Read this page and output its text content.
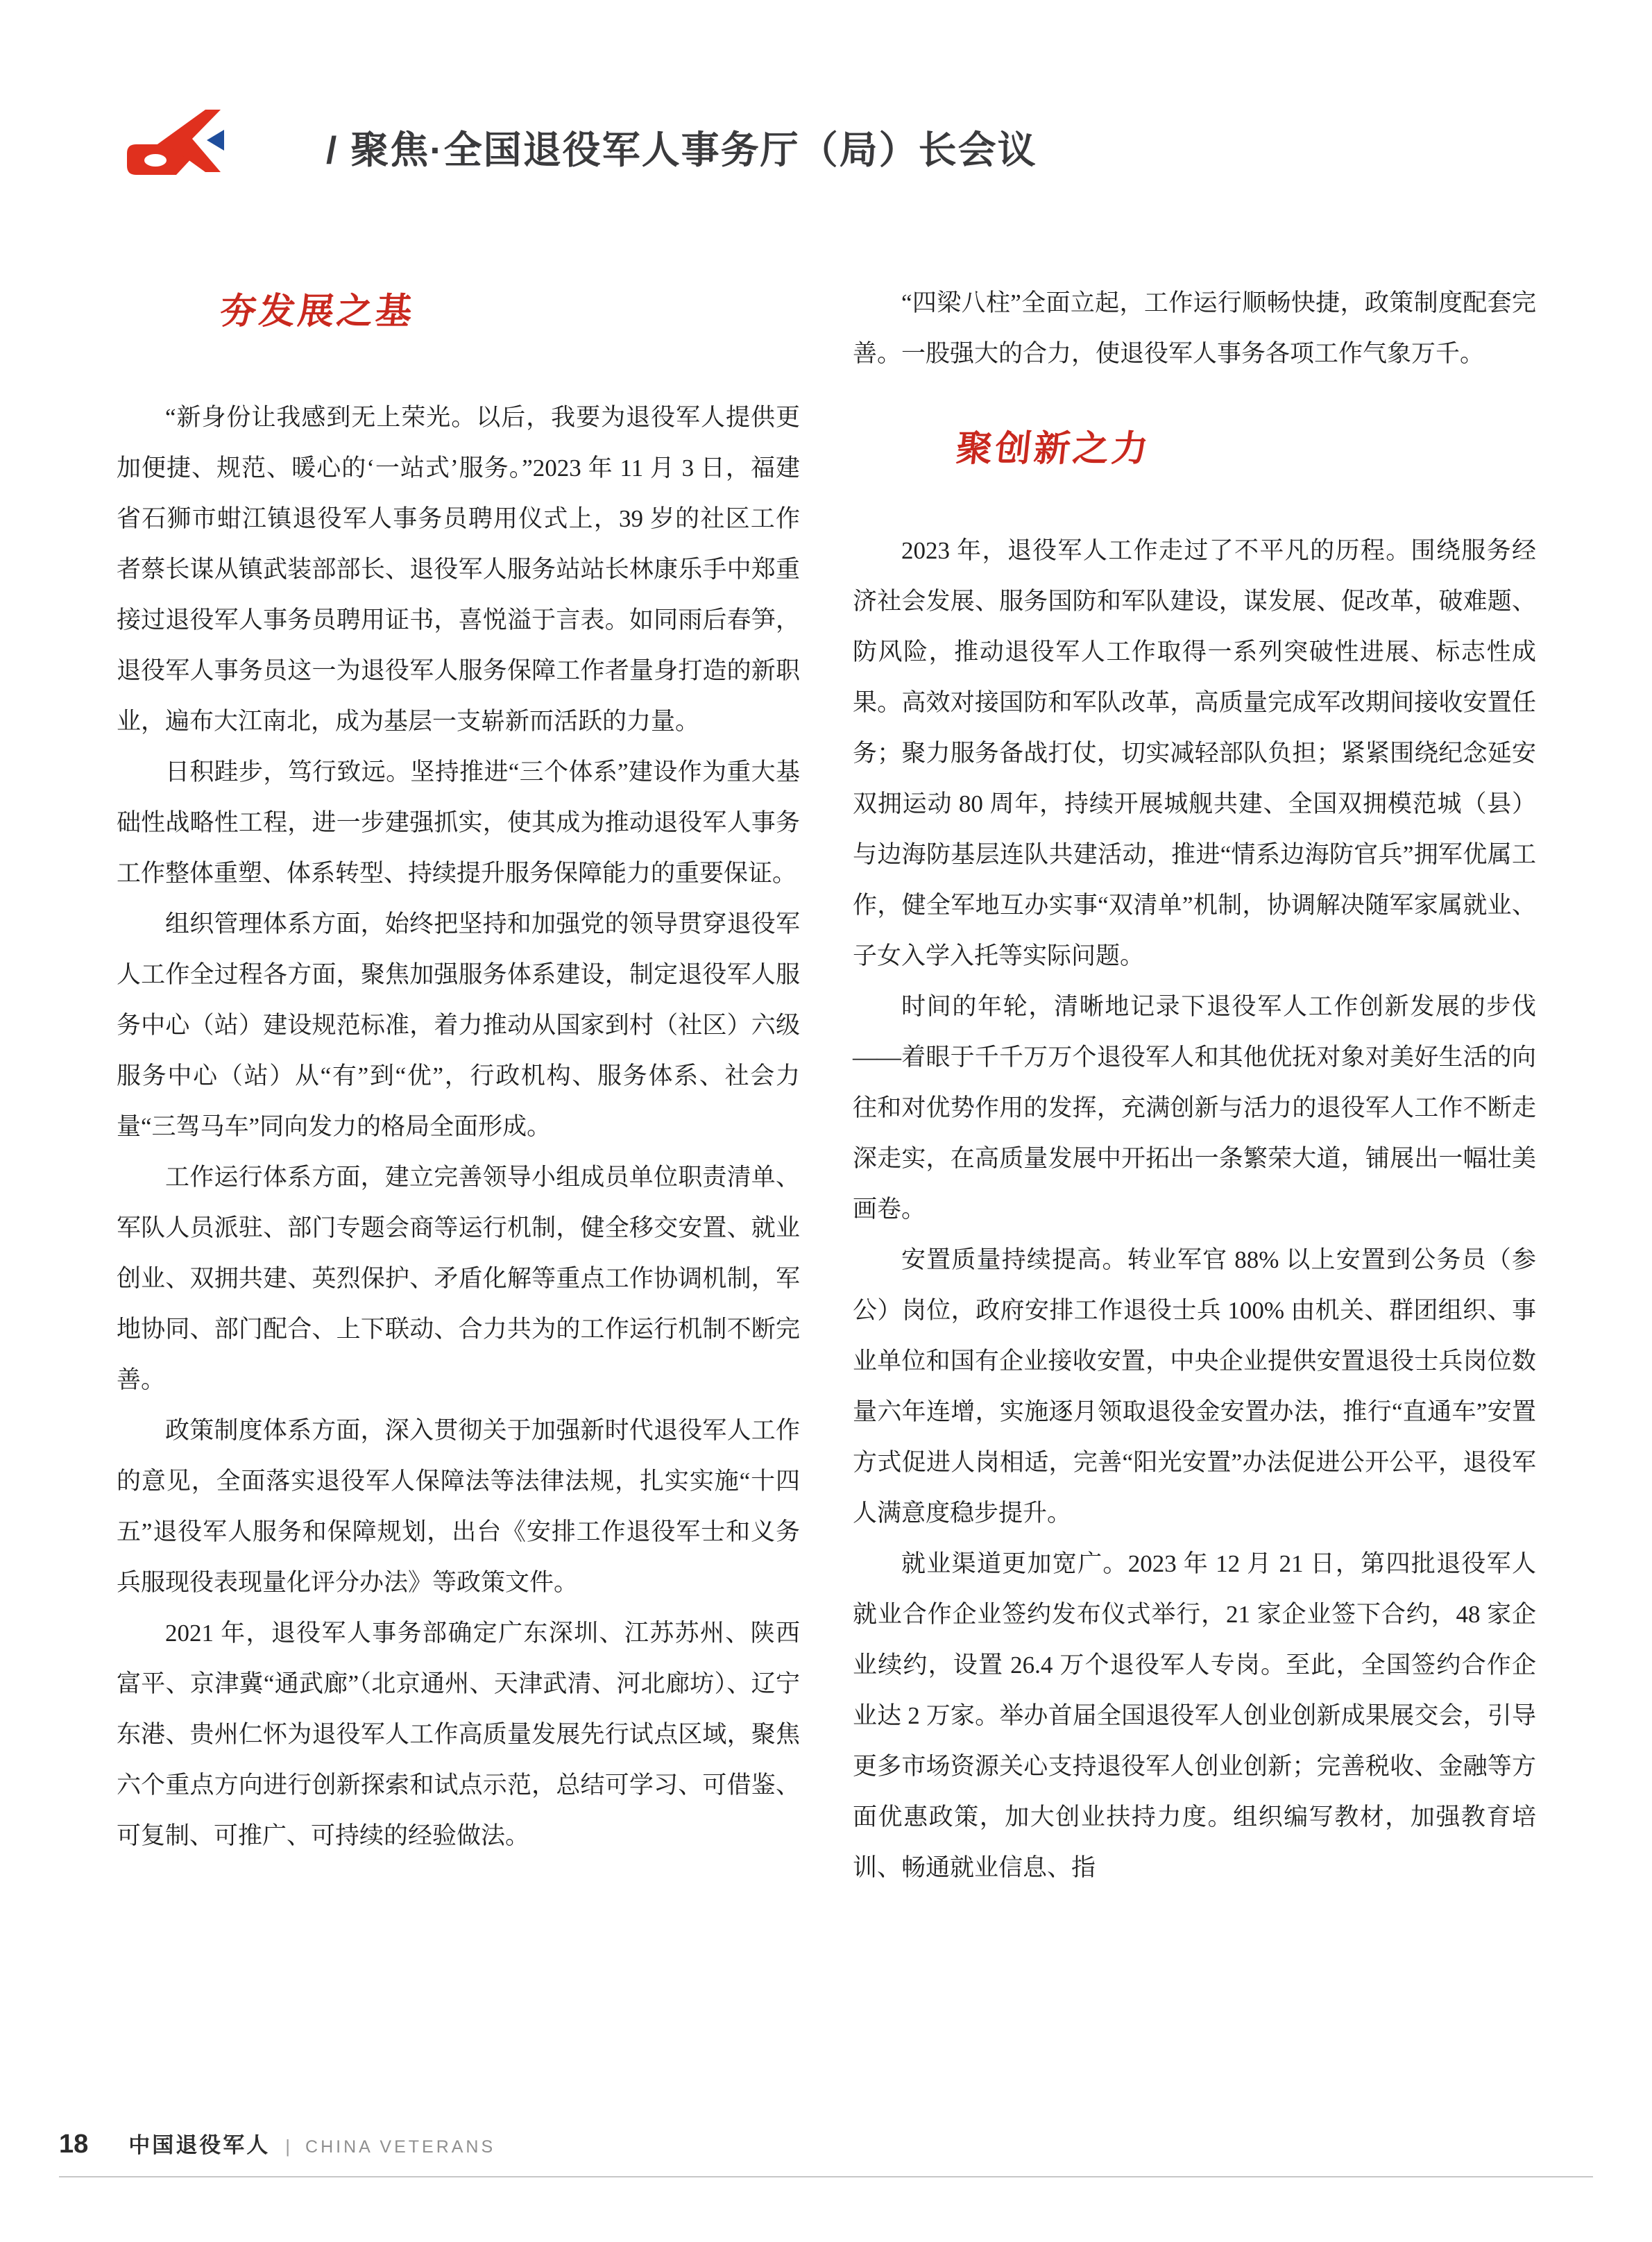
/ 聚焦·全国退役军人事务厅（局）长会议
夯发展之基

“新身份让我感到无上荣光。以后，我要为退役军人提供更加便捷、规范、暖心的‘一站式’服务。”2023 年 11 月 3 日，福建省石狮市蚶江镇退役军人事务员聘用仪式上，39 岁的社区工作者蔡长谋从镇武装部部长、退役军人服务站站长林康乐手中郑重接过退役军人事务员聘用证书，喜悦溢于言表。如同雨后春笋，退役军人事务员这一为退役军人服务保障工作者量身打造的新职业，遍布大江南北，成为基层一支崭新而活跃的力量。

日积跬步，笃行致远。坚持推进“三个体系”建设作为重大基础性战略性工程，进一步建强抓实，使其成为推动退役军人事务工作整体重塑、体系转型、持续提升服务保障能力的重要保证。

组织管理体系方面，始终把坚持和加强党的领导贯穿退役军人工作全过程各方面，聚焦加强服务体系建设，制定退役军人服务中心（站）建设规范标准，着力推动从国家到村（社区）六级服务中心（站）从“有”到“优”，行政机构、服务体系、社会力量“三驾马车”同向发力的格局全面形成。

工作运行体系方面，建立完善领导小组成员单位职责清单、军队人员派驻、部门专题会商等运行机制，健全移交安置、就业创业、双拥共建、英烈保护、矛盾化解等重点工作协调机制，军地协同、部门配合、上下联动、合力共为的工作运行机制不断完善。

政策制度体系方面，深入贯彻关于加强新时代退役军人工作的意见，全面落实退役军人保障法等法律法规，扎实实施“十四五”退役军人服务和保障规划，出台《安排工作退役军士和义务兵服现役表现量化评分办法》等政策文件。

2021 年，退役军人事务部确定广东深圳、江苏苏州、陕西富平、京津冀“通武廊”（北京通州、天津武清、河北廊坊）、辽宁东港、贵州仁怀为退役军人工作高质量发展先行试点区域，聚焦六个重点方向进行创新探索和试点示范，总结可学习、可借鉴、可复制、可推广、可持续的经验做法。

“四梁八柱”全面立起，工作运行顺畅快捷，政策制度配套完善。一股强大的合力，使退役军人事务各项工作气象万千。

聚创新之力

2023 年，退役军人工作走过了不平凡的历程。围绕服务经济社会发展、服务国防和军队建设，谋发展、促改革，破难题、防风险，推动退役军人工作取得一系列突破性进展、标志性成果。高效对接国防和军队改革，高质量完成军改期间接收安置任务；聚力服务备战打仗，切实减轻部队负担；紧紧围绕纪念延安双拥运动 80 周年，持续开展城舰共建、全国双拥模范城（县）与边海防基层连队共建活动，推进“情系边海防官兵”拥军优属工作，健全军地互办实事“双清单”机制，协调解决随军家属就业、子女入学入托等实际问题。

时间的年轮，清晰地记录下退役军人工作创新发展的步伐——着眼于千千万万个退役军人和其他优抚对象对美好生活的向往和对优势作用的发挥，充满创新与活力的退役军人工作不断走深走实，在高质量发展中开拓出一条繁荣大道，铺展出一幅壮美画卷。

安置质量持续提高。转业军官 88% 以上安置到公务员（参公）岗位，政府安排工作退役士兵 100% 由机关、群团组织、事业单位和国有企业接收安置，中央企业提供安置退役士兵岗位数量六年连增，实施逐月领取退役金安置办法，推行“直通车”安置方式促进人岗相适，完善“阳光安置”办法促进公开公平，退役军人满意度稳步提升。

就业渠道更加宽广。2023 年 12 月 21 日，第四批退役军人就业合作企业签约发布仪式举行，21 家企业签下合约，48 家企业续约，设置 26.4 万个退役军人专岗。至此，全国签约合作企业达 2 万家。举办首届全国退役军人创业创新成果展交会，引导更多市场资源关心支持退役军人创业创新；完善税收、金融等方面优惠政策，加大创业扶持力度。组织编写教材，加强教育培训、畅通就业信息、指

18 中国退役军人 | CHINA VETERANS
